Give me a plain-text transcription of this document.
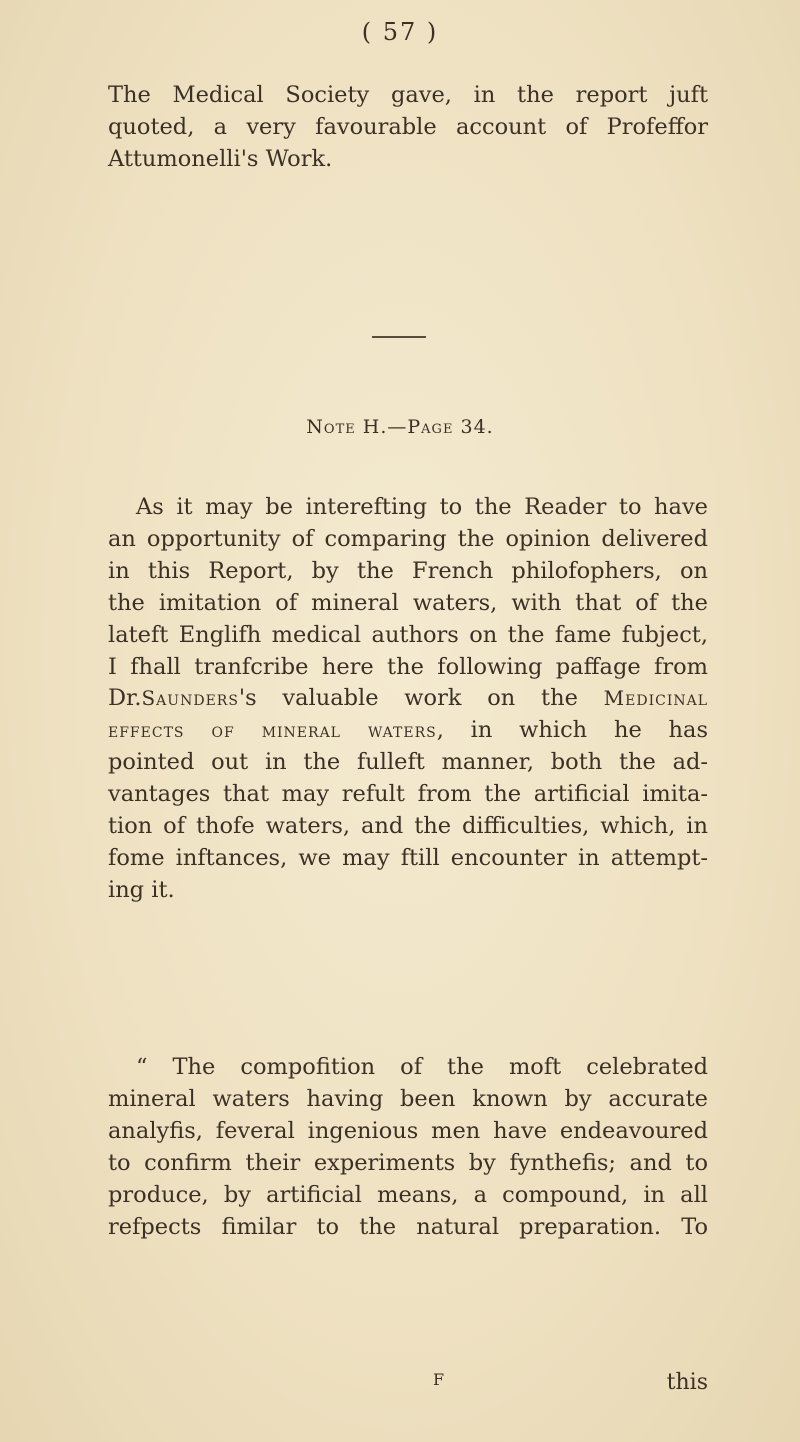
( 57 )
The Medical Society gave, in the report juft
quoted, a very favourable account of Profeffor
Attumonelli's Work.
Note H.—Page 34.
As it may be interefting to the Reader to have
an opportunity of comparing the opinion delivered
in this Report, by the French philofophers, on
the imitation of mineral waters, with that of the
lateft Englifh medical authors on the fame fubject,
I fhall tranfcribe here the following paffage from
Dr.Saunders's valuable work on the Medicinal
effects of mineral waters, in which he has
pointed out in the fulleft manner, both the ad-
vantages that may refult from the artificial imita-
tion of thofe waters, and the difficulties, which, in
fome inftances, we may ftill encounter in attempt-
ing it.
“ The compofition of the moft celebrated
mineral waters having been known by accurate
analyfis, feveral ingenious men have endeavoured
to confirm their experiments by fynthefis; and to
produce, by artificial means, a compound, in all
refpects fimilar to the natural preparation. To
F	this
